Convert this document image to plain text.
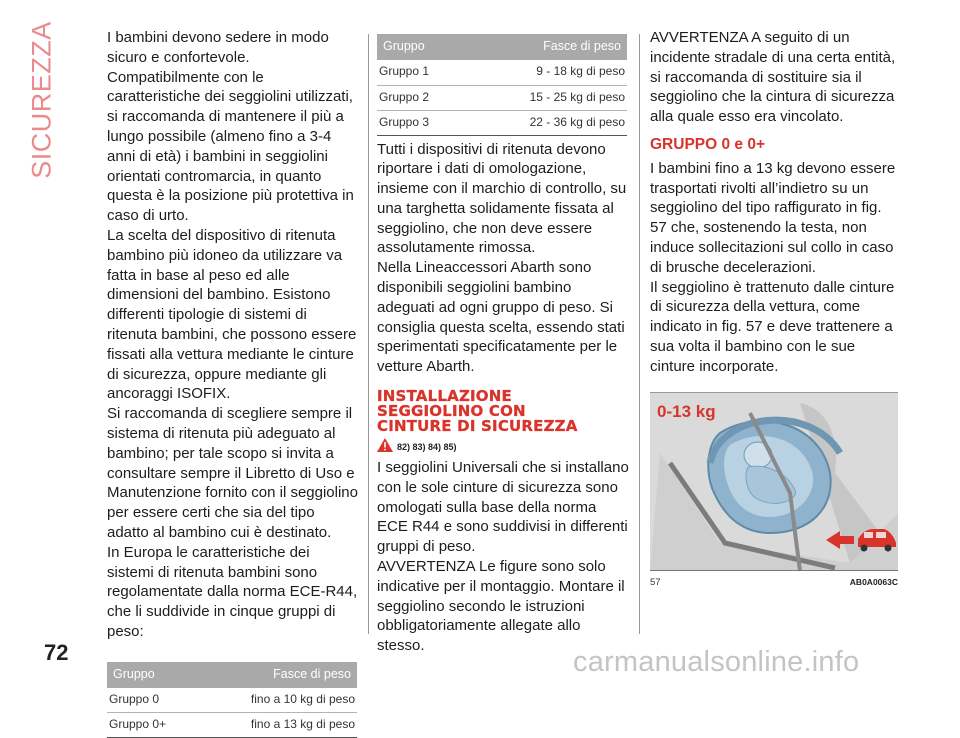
SICUREZZA	I bambini devono sedere in modo sicuro e confortevole. Compatibilmente con le caratteristiche dei seggiolini utilizzati, si raccomanda di mantenere il più a lungo possibile (almeno fino a 3-4 anni di età) i bambini in seggiolini orientati contromarcia, in quanto questa è la posizione più protettiva in caso di urto.

La scelta del dispositivo di ritenuta bambino più idoneo da utilizzare va fatta in base al peso ed alle dimensioni del bambino. Esistono differenti tipologie di sistemi di ritenuta bambini, che possono essere fissati alla vettura mediante le cinture di sicurezza, oppure mediante gli ancoraggi ISOFIX.

Si raccomanda di scegliere sempre il sistema di ritenuta più adeguato al bambino; per tale scopo si invita a consultare sempre il Libretto di Uso e Manutenzione fornito con il seggiolino per essere certi che sia del tipo adatto al bambino cui è destinato.

In Europa le caratteristiche dei sistemi di ritenuta bambini sono regolamentate dalla norma ECE-R44, che li suddivide in cinque gruppi di peso:

Gruppo	Fasce di peso
Gruppo 0	fino a 10 kg di peso
Gruppo 0+	fino a 13 kg di peso
Gruppo	Fasce di peso
Gruppo 1	9 - 18 kg di peso
Gruppo 2	15 - 25 kg di peso
Gruppo 3	22 - 36 kg di peso

Tutti i dispositivi di ritenuta devono riportare i dati di omologazione, insieme con il marchio di controllo, su una targhetta solidamente fissata al seggiolino, che non deve essere assolutamente rimossa.

Nella Lineaccessori Abarth sono disponibili seggiolini bambino adeguati ad ogni gruppo di peso. Si consiglia questa scelta, essendo stati sperimentati specificatamente per le vetture Abarth.

INSTALLAZIONE
SEGGIOLINO CON
CINTURE DI SICUREZZA
82) 83) 84) 85)

I seggiolini Universali che si installano con le sole cinture di sicurezza sono omologati sulla base della norma ECE R44 e sono suddivisi in differenti gruppi di peso.

AVVERTENZA Le figure sono solo indicative per il montaggio. Montare il seggiolino secondo le istruzioni obbligatoriamente allegate allo stesso.

AVVERTENZA A seguito di un incidente stradale di una certa entità, si raccomanda di sostituire sia il seggiolino che la cintura di sicurezza alla quale esso era vincolato.

GRUPPO 0 e 0+

I bambini fino a 13 kg devono essere trasportati rivolti all’indietro su un seggiolino del tipo raffigurato in fig. 57 che, sostenendo la testa, non induce sollecitazioni sul collo in caso di brusche decelerazioni.

Il seggiolino è trattenuto dalle cinture di sicurezza della vettura, come indicato in fig. 57 e deve trattenere a sua volta il bambino con le sue cinture incorporate.

0-13 kg
57	AB0A0063C
72	carmanualsonline.info
